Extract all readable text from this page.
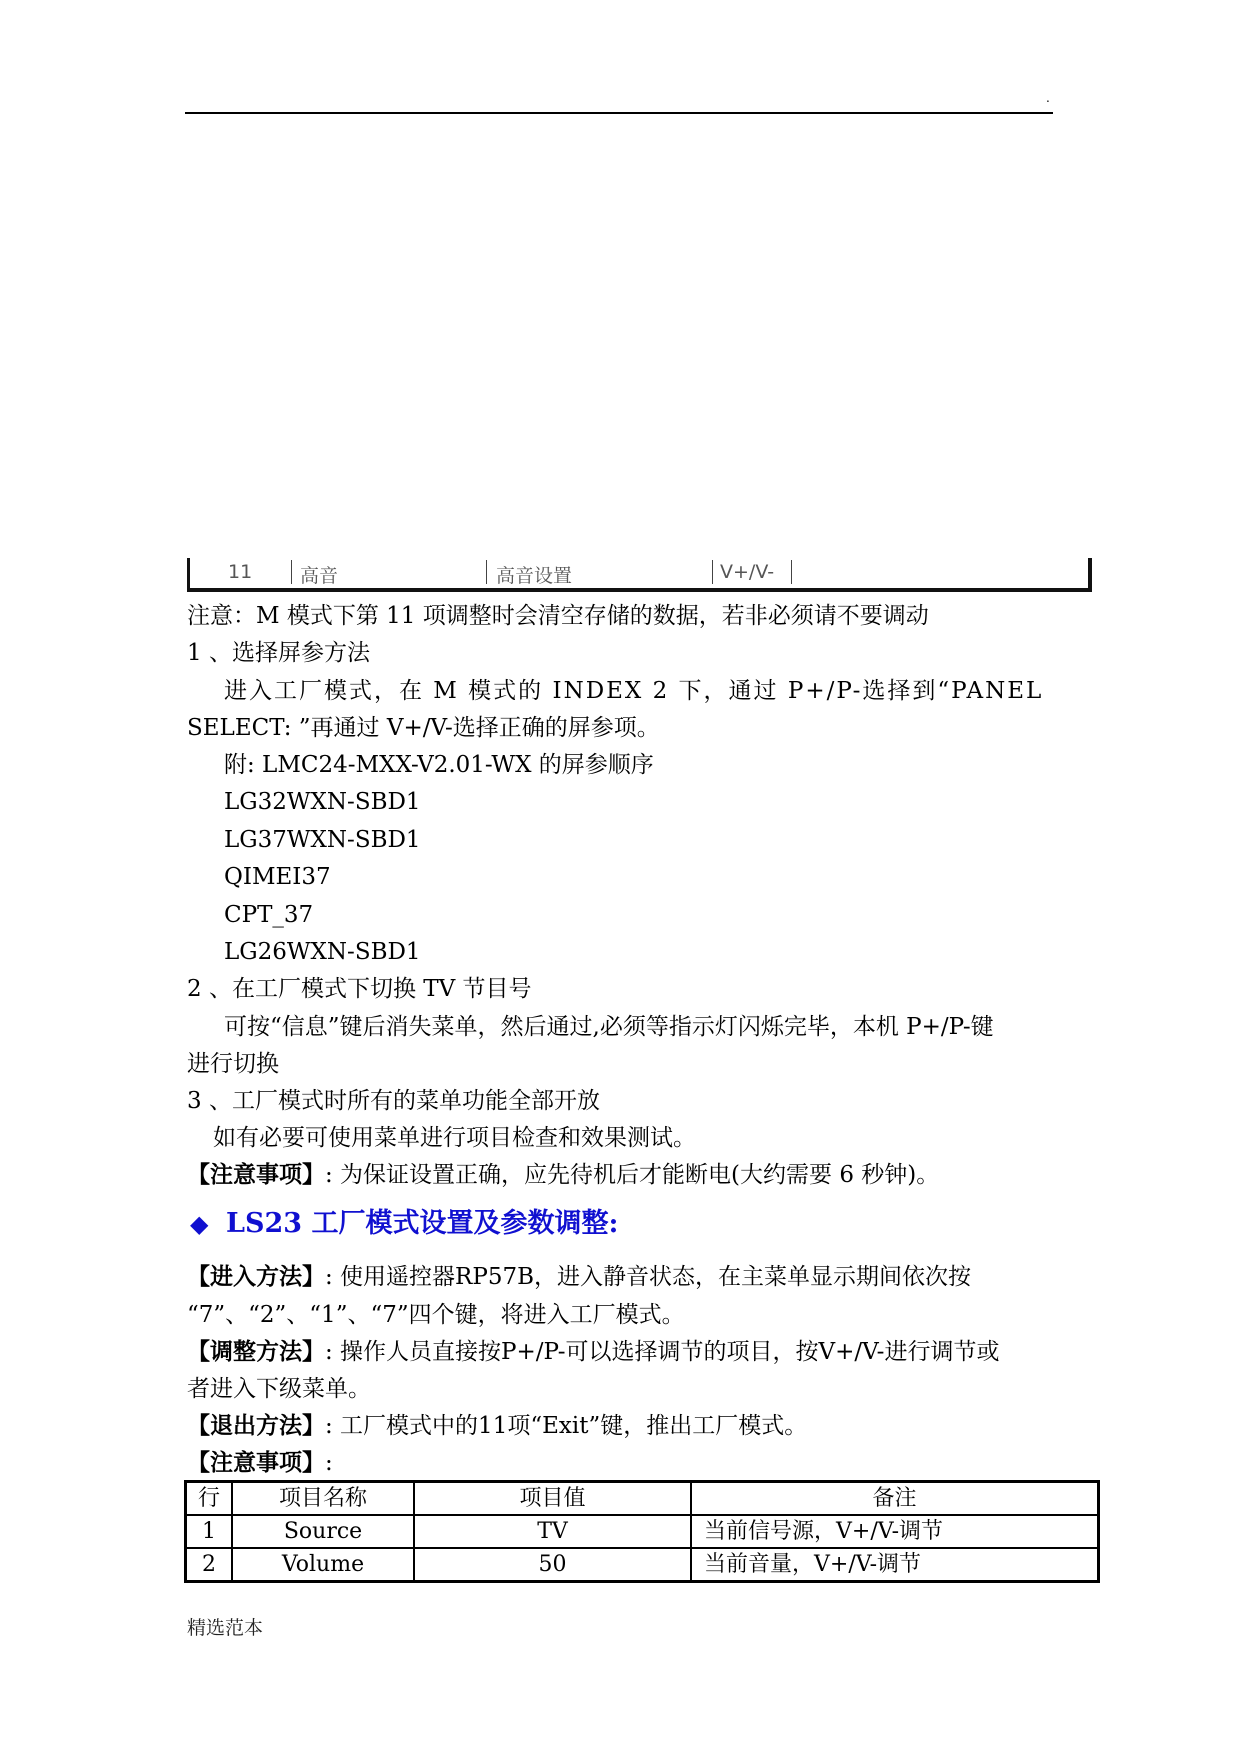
.
11	高音	高音设置	V+/V-
注意：M 模式下第 11 项调整时会清空存储的数据，若非必须请不要调动
1 、选择屏参方法
进入工厂模式，在 M 模式的 INDEX 2 下，通过 P+/P-选择到“PANEL
SELECT: ”再通过 V+/V-选择正确的屏参项。
附: LMC24-MXX-V2.01-WX 的屏参顺序
LG32WXN-SBD1
LG37WXN-SBD1
QIMEI37
CPT_37
LG26WXN-SBD1
2 、在工厂模式下切换 TV 节目号
可按“信息”键后消失菜单，然后通过,必须等指示灯闪烁完毕，本机 P+/P-键
进行切换
3 、工厂模式时所有的菜单功能全部开放
如有必要可使用菜单进行项目检查和效果测试。
【注意事项】: 为保证设置正确，应先待机后才能断电(大约需要 6 秒钟)。
◆ LS23 工厂模式设置及参数调整:
【进入方法】: 使用遥控器RP57B，进入静音状态，在主菜单显示期间依次按
“7”、“2”、“1”、“7”四个键，将进入工厂模式。
【调整方法】: 操作人员直接按P+/P-可以选择调节的项目，按V+/V-进行调节或
者进入下级菜单。
【退出方法】: 工厂模式中的11项“Exit”键，推出工厂模式。
【注意事项】:
行	项目名称	项目值	备注
1	Source	TV	当前信号源，V+/V-调节
2	Volume	50	当前音量，V+/V-调节
精选范本
